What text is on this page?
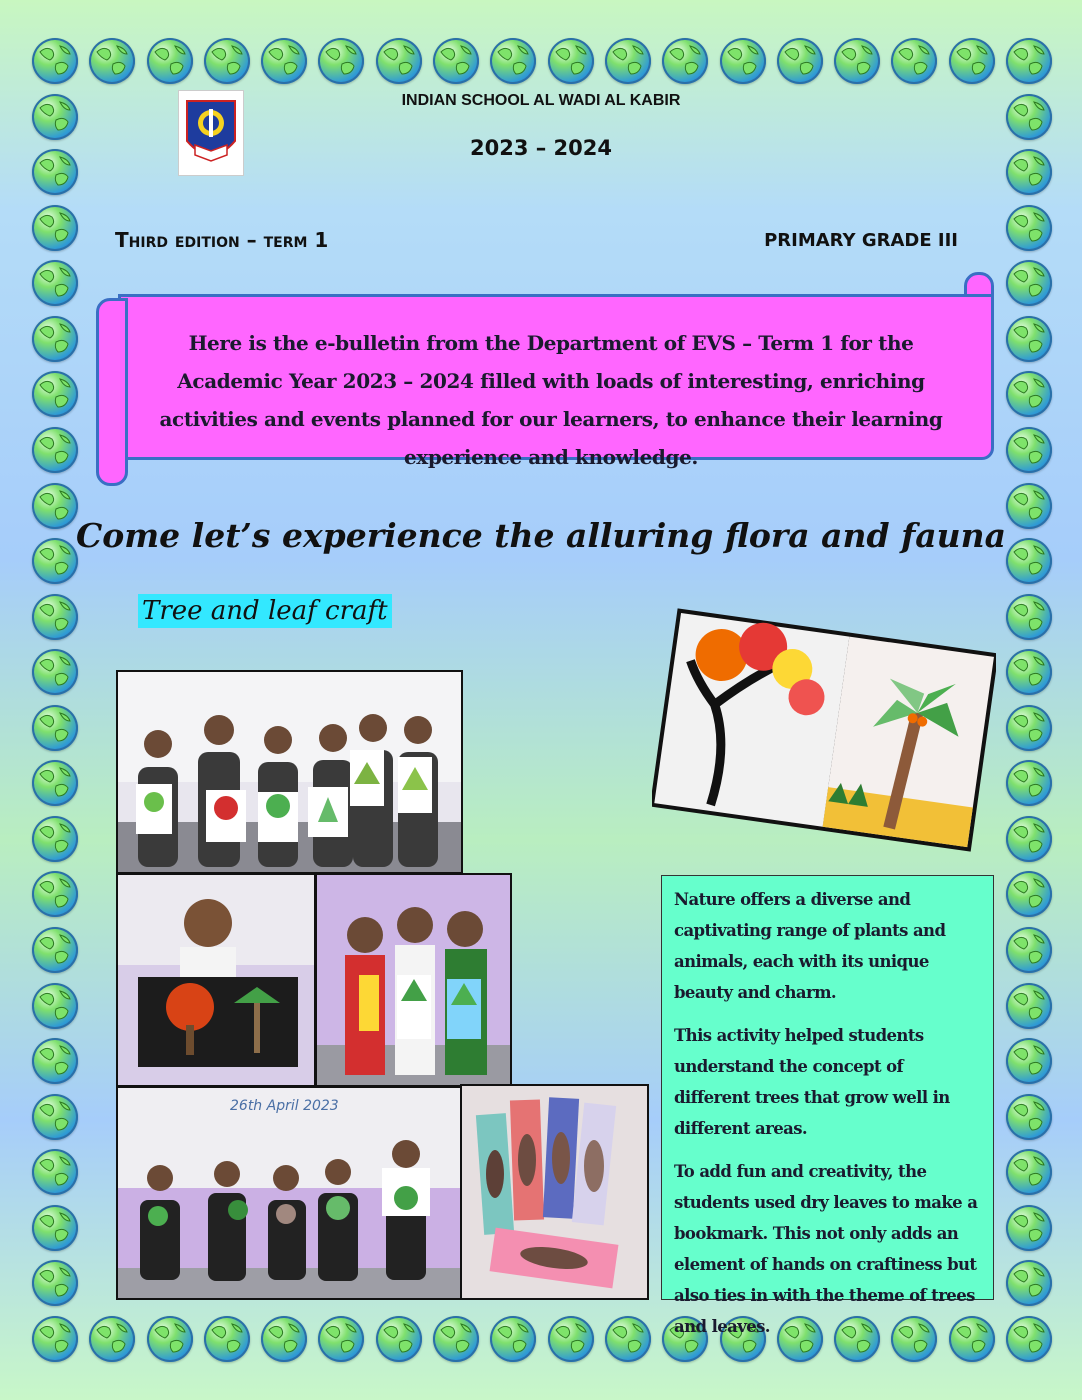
INDIAN SCHOOL AL WADI AL KABIR
2023 – 2024
Third edition – term 1	PRIMARY GRADE III
Here is the e-bulletin from the Department of EVS – Term 1 for the Academic Year 2023 – 2024 filled with loads of interesting, enriching activities and events planned for our learners, to enhance their learning experience and knowledge.
Come let’s experience the alluring flora and fauna
Tree and leaf craft
26th April 2023

Nature offers a diverse and captivating range of plants and animals, each with its unique beauty and charm.

This activity helped students understand the concept of different trees that grow well in different areas.

To add fun and creativity, the students used dry leaves to make a bookmark. This not only adds an element of hands on craftiness but also ties in with the theme of trees and leaves.
